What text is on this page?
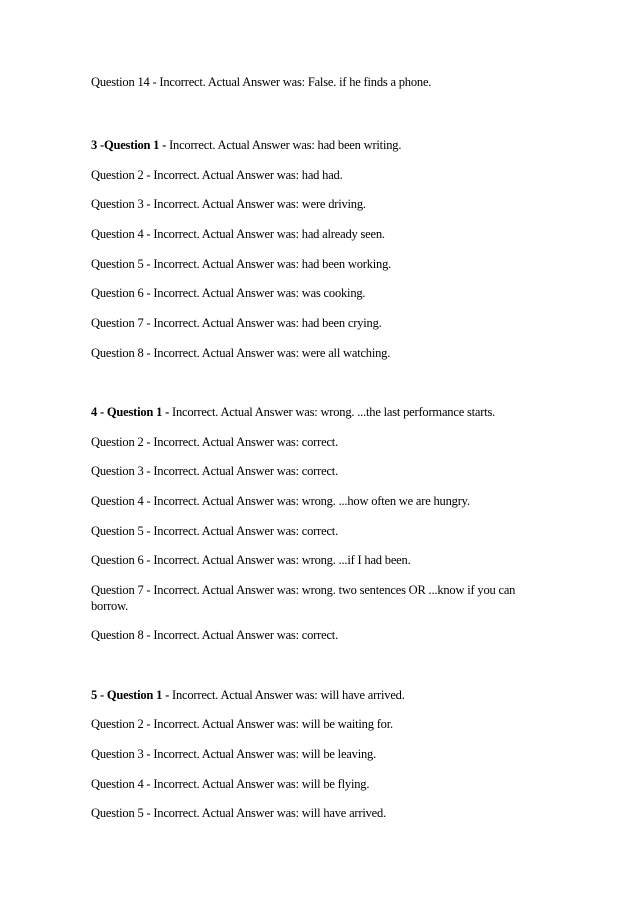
Question 14 - Incorrect. Actual Answer was: False. if he finds a phone.
3 -Question 1 - Incorrect. Actual Answer was: had been writing.
Question 2 - Incorrect. Actual Answer was: had had.
Question 3 - Incorrect. Actual Answer was: were driving.
Question 4 - Incorrect. Actual Answer was: had already seen.
Question 5 - Incorrect. Actual Answer was: had been working.
Question 6 - Incorrect. Actual Answer was: was cooking.
Question 7 - Incorrect. Actual Answer was: had been crying.
Question 8 - Incorrect. Actual Answer was: were all watching.
4 - Question 1 - Incorrect. Actual Answer was: wrong. ...the last performance starts.
Question 2 - Incorrect. Actual Answer was: correct.
Question 3 - Incorrect. Actual Answer was: correct.
Question 4 - Incorrect. Actual Answer was: wrong. ...how often we are hungry.
Question 5 - Incorrect. Actual Answer was: correct.
Question 6 - Incorrect. Actual Answer was: wrong. ...if I had been.
Question 7 - Incorrect. Actual Answer was: wrong. two sentences OR ...know if you can borrow.
Question 8 - Incorrect. Actual Answer was: correct.
5 - Question 1 - Incorrect. Actual Answer was: will have arrived.
Question 2 - Incorrect. Actual Answer was: will be waiting for.
Question 3 - Incorrect. Actual Answer was: will be leaving.
Question 4 - Incorrect. Actual Answer was: will be flying.
Question 5 - Incorrect. Actual Answer was: will have arrived.
